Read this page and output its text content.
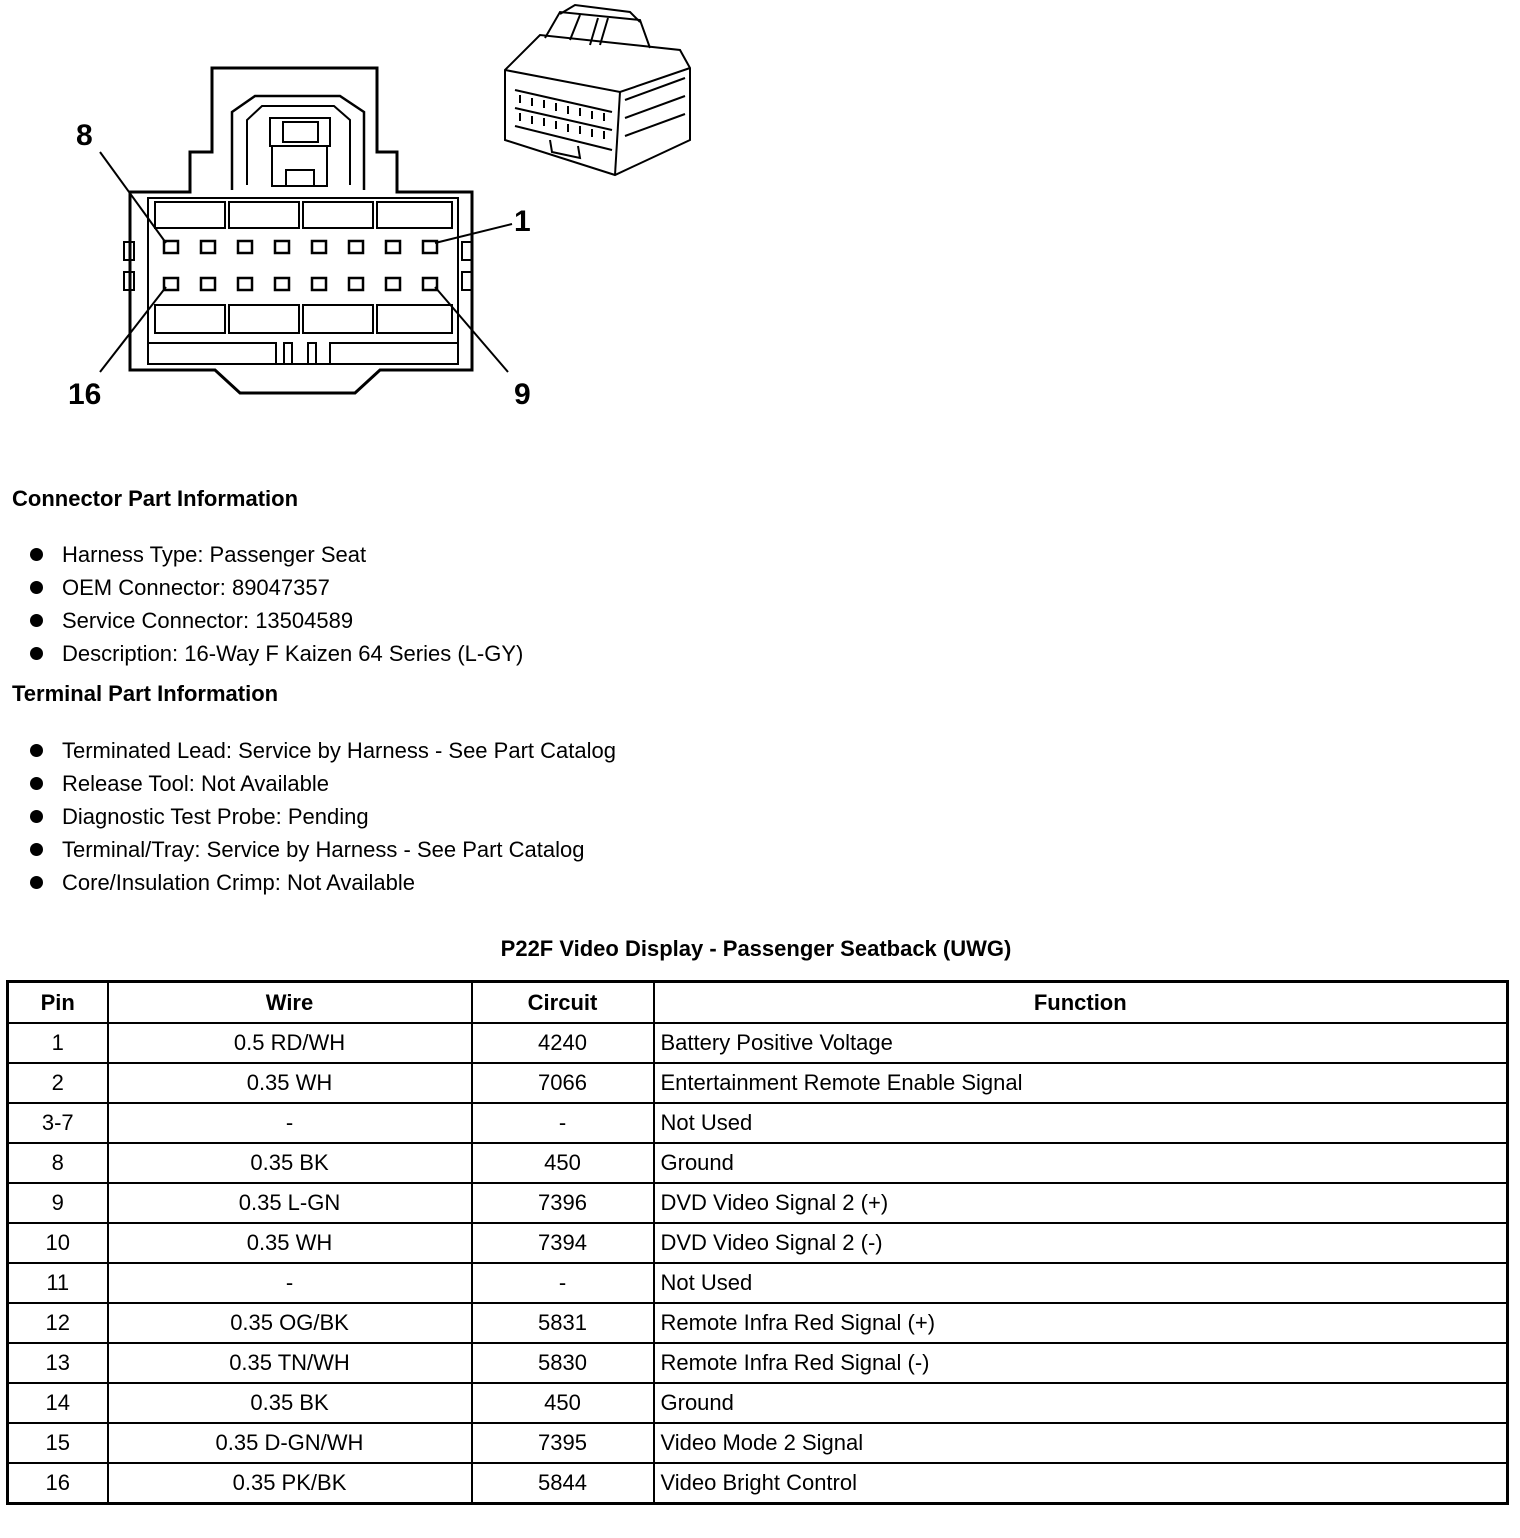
8
1
16	9
Connector Part Information
Harness Type: Passenger Seat
OEM Connector: 89047357
Service Connector: 13504589
Description: 16-Way F Kaizen 64 Series (L-GY)
Terminal Part Information
Terminated Lead: Service by Harness - See Part Catalog
Release Tool: Not Available
Diagnostic Test Probe: Pending
Terminal/Tray: Service by Harness - See Part Catalog
Core/Insulation Crimp: Not Available
P22F Video Display - Passenger Seatback (UWG)
Pin	Wire	Circuit	Function
1	0.5 RD/WH	4240	Battery Positive Voltage
2	0.35 WH	7066	Entertainment Remote Enable Signal
3-7	-	-	Not Used
8	0.35 BK	450	Ground
9	0.35 L-GN	7396	DVD Video Signal 2 (+)
10	0.35 WH	7394	DVD Video Signal 2 (-)
11	-	-	Not Used
12	0.35 OG/BK	5831	Remote Infra Red Signal (+)
13	0.35 TN/WH	5830	Remote Infra Red Signal (-)
14	0.35 BK	450	Ground
15	0.35 D-GN/WH	7395	Video Mode 2 Signal
16	0.35 PK/BK	5844	Video Bright Control
